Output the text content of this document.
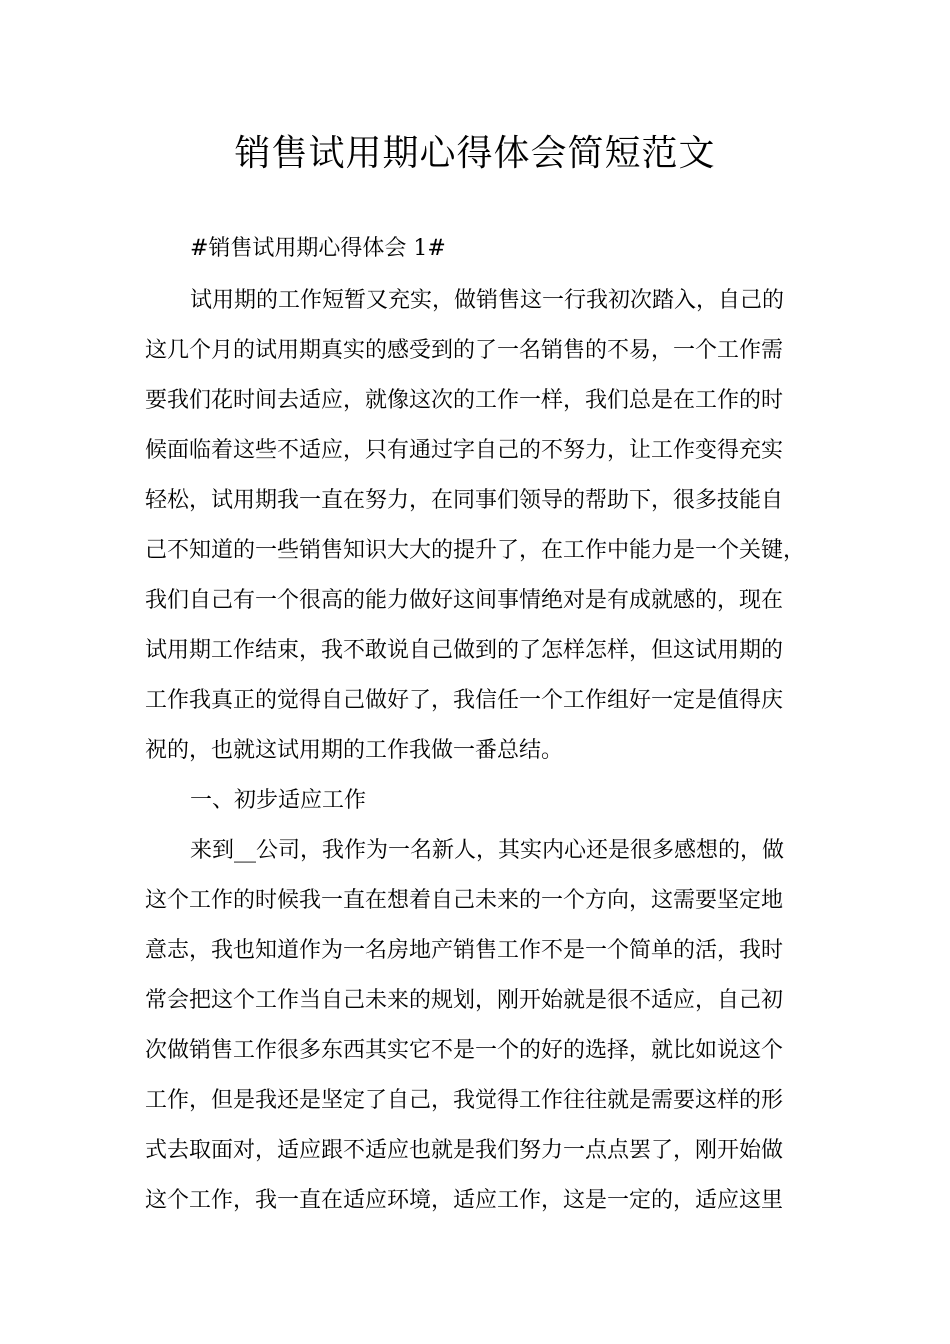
销售试用期心得体会简短范文

#销售试用期心得体会 1#

试用期的工作短暂又充实，做销售这一行我初次踏入，自己的

这几个月的试用期真实的感受到的了一名销售的不易，一个工作需

要我们花时间去适应，就像这次的工作一样，我们总是在工作的时

候面临着这些不适应，只有通过字自己的不努力，让工作变得充实

轻松，试用期我一直在努力，在同事们领导的帮助下，很多技能自

己不知道的一些销售知识大大的提升了，在工作中能力是一个关键，

我们自己有一个很高的能力做好这间事情绝对是有成就感的，现在

试用期工作结束，我不敢说自己做到的了怎样怎样，但这试用期的

工作我真正的觉得自己做好了，我信任一个工作组好一定是值得庆

祝的，也就这试用期的工作我做一番总结。

一、初步适应工作

来到__公司，我作为一名新人，其实内心还是很多感想的，做

这个工作的时候我一直在想着自己未来的一个方向，这需要坚定地

意志，我也知道作为一名房地产销售工作不是一个简单的活，我时

常会把这个工作当自己未来的规划，刚开始就是很不适应，自己初

次做销售工作很多东西其实它不是一个的好的选择，就比如说这个

工作，但是我还是坚定了自己，我觉得工作往往就是需要这样的形

式去取面对，适应跟不适应也就是我们努力一点点罢了，刚开始做

这个工作，我一直在适应环境，适应工作，这是一定的，适应这里
